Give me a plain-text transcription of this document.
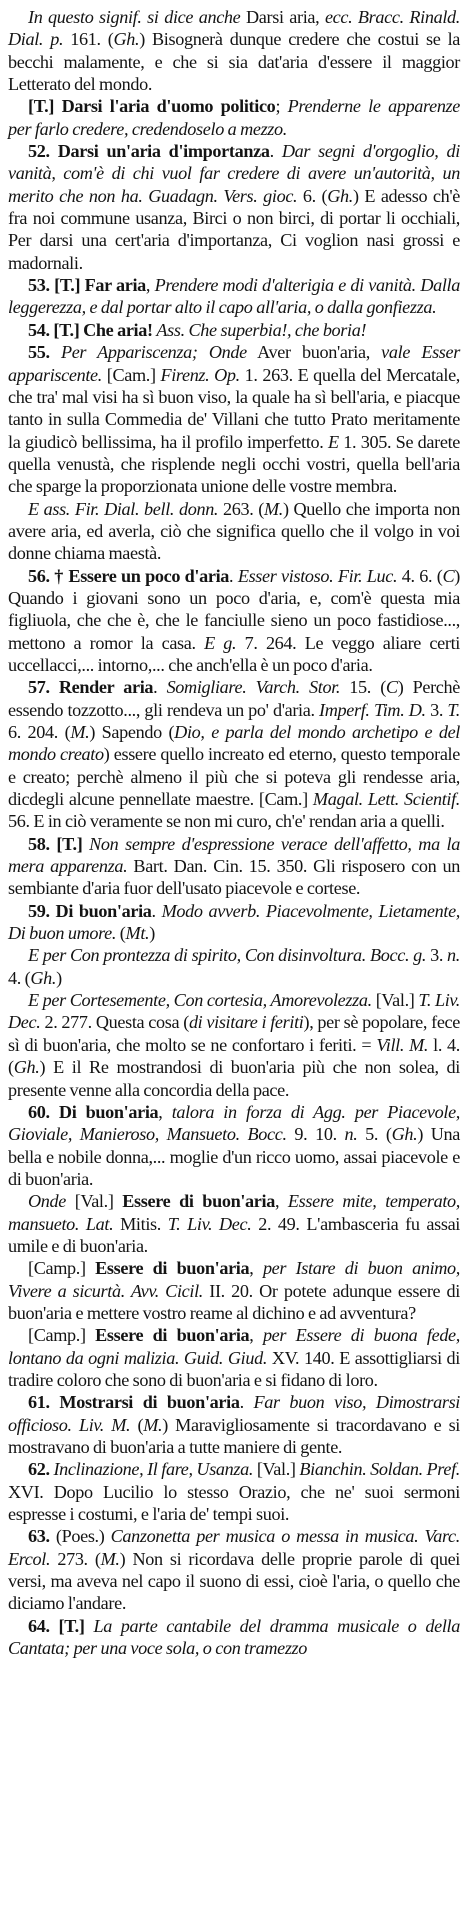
In questo signif. si dice anche Darsi aria, ecc. Bracc. Rinald. Dial. p. 161. (Gh.) Bisognerà dunque credere che costui se la becchi malamente, e che si sia dat'aria d'essere il maggior Letterato del mondo.

[T.] Darsi l'aria d'uomo politico; Prenderne le apparenze per farlo credere, credendoselo a mezzo.

52. Darsi un'aria d'importanza. Dar segni d'orgoglio, di vanità, com'è di chi vuol far credere di avere un'autorità, un merito che non ha. Guadagn. Vers. gioc. 6. (Gh.) E adesso ch'è fra noi commune usanza, Birci o non birci, di portar li occhiali, Per darsi una cert'aria d'importanza, Ci voglion nasi grossi e madornali.

53. [T.] Far aria, Prendere modi d'alterigia e di vanità. Dalla leggerezza, e dal portar alto il capo all'aria, o dalla gonfiezza.

54. [T.] Che aria! Ass. Che superbia!, che boria!

55. Per Appariscenza; Onde Aver buon'aria, vale Esser appariscente. [Cam.] Firenz. Op. 1. 263. E quella del Mercatale, che tra' mal visi ha sì buon viso, la quale ha sì bell'aria, e piacque tanto in sulla Commedia de' Villani che tutto Prato meritamente la giudicò bellissima, ha il profilo imperfetto. E 1. 305. Se darete quella venustà, che risplende negli occhi vostri, quella bell'aria che sparge la proporzionata unione delle vostre membra.

E ass. Fir. Dial. bell. donn. 263. (M.) Quello che importa non avere aria, ed averla, ciò che significa quello che il volgo in voi donne chiama maestà.

56. † Essere un poco d'aria. Esser vistoso. Fir. Luc. 4. 6. (C) Quando i giovani sono un poco d'aria, e, com'è questa mia figliuola, che che è, che le fanciulle sieno un poco fastidiose..., mettono a romor la casa. E g. 7. 264. Le veggo aliare certi uccellacci,... intorno,... che anch'ella è un poco d'aria.

57. Render aria. Somigliare. Varch. Stor. 15. (C) Perchè essendo tozzotto..., gli rendeva un po' d'aria. Imperf. Tim. D. 3. T. 6. 204. (M.) Sapendo (Dio, e parla del mondo archetipo e del mondo creato) essere quello increato ed eterno, questo temporale e creato; perchè almeno il più che si poteva gli rendesse aria, dicdegli alcune pennellate maestre. [Cam.] Magal. Lett. Scientif. 56. E in ciò veramente se non mi curo, ch'e' rendan aria a quelli.

58. [T.] Non sempre d'espressione verace dell'affetto, ma la mera apparenza. Bart. Dan. Cin. 15. 350. Gli risposero con un sembiante d'aria fuor dell'usato piacevole e cortese.

59. Di buon'aria. Modo avverb. Piacevolmente, Lietamente, Di buon umore. (Mt.)

E per Con prontezza di spirito, Con disinvoltura. Bocc. g. 3. n. 4. (Gh.)

E per Cortesemente, Con cortesia, Amorevolezza. [Val.] T. Liv. Dec. 2. 277. Questa cosa (di visitare i feriti), per sè popolare, fece sì di buon'aria, che molto se ne confortaro i feriti. = Vill. M. l. 4. (Gh.) E il Re mostrandosi di buon'aria più che non solea, di presente venne alla concordia della pace.

60. Di buon'aria, talora in forza di Agg. per Piacevole, Gioviale, Manieroso, Mansueto. Bocc. 9. 10. n. 5. (Gh.) Una bella e nobile donna,... moglie d'un ricco uomo, assai piacevole e di buon'aria.

Onde [Val.] Essere di buon'aria, Essere mite, temperato, mansueto. Lat. Mitis. T. Liv. Dec. 2. 49. L'ambasceria fu assai umile e di buon'aria.

[Camp.] Essere di buon'aria, per Istare di buon animo, Vivere a sicurtà. Avv. Cicil. II. 20. Or potete adunque essere di buon'aria e mettere vostro reame al dichino e ad avventura?

[Camp.] Essere di buon'aria, per Essere di buona fede, lontano da ogni malizia. Guid. Giud. XV. 140. E assottigliarsi di tradire coloro che sono di buon'aria e si fidano di loro.

61. Mostrarsi di buon'aria. Far buon viso, Dimostrarsi officioso. Liv. M. (M.) Maravigliosamente si tracordavano e si mostravano di buon'aria a tutte maniere di gente.

62. Inclinazione, Il fare, Usanza. [Val.] Bianchin. Soldan. Pref. XVI. Dopo Lucilio lo stesso Orazio, che ne' suoi sermoni espresse i costumi, e l'aria de' tempi suoi.

63. (Poes.) Canzonetta per musica o messa in musica. Varc. Ercol. 273. (M.) Non si ricordava delle proprie parole di quei versi, ma aveva nel capo il suono di essi, cioè l'aria, o quello che diciamo l'andare.

64. [T.] La parte cantabile del dramma musicale o della Cantata; per una voce sola, o con tramezzo
